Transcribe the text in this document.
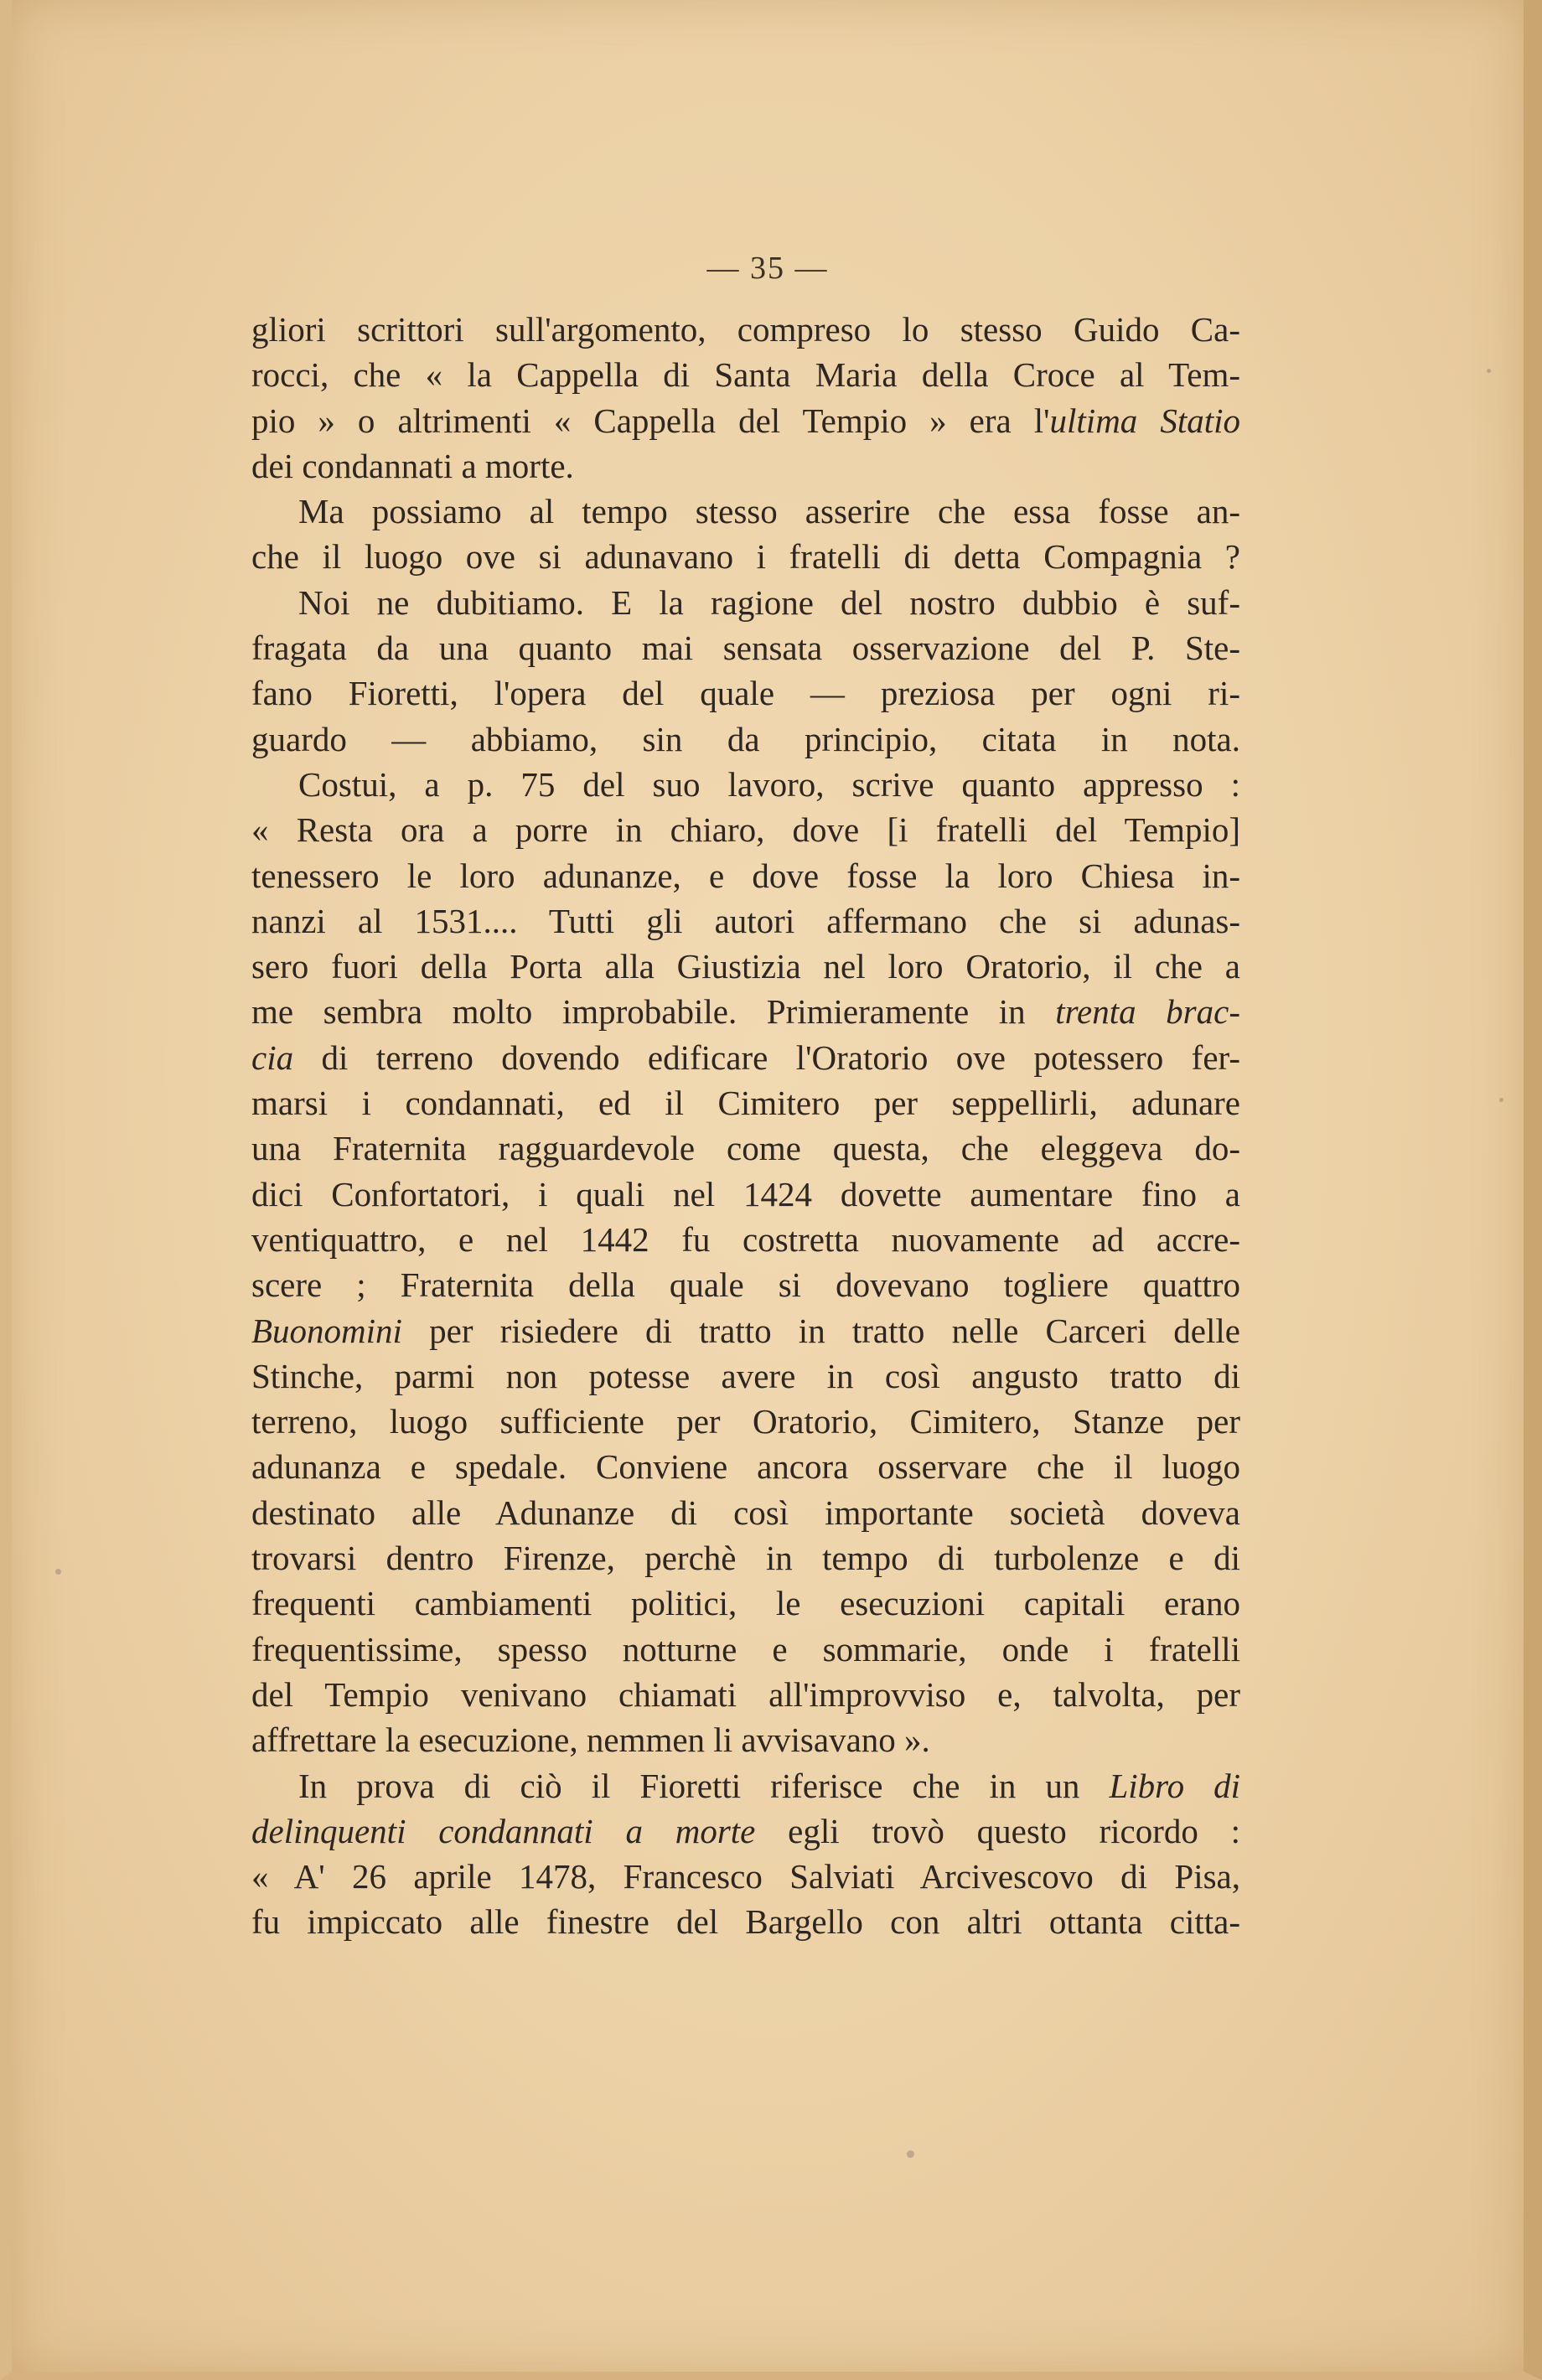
— 35 —
gliori scrittori sull'argomento, compreso lo stesso Guido Ca-
rocci, che « la Cappella di Santa Maria della Croce al Tem-
pio » o altrimenti « Cappella del Tempio » era l'ultima Statio
dei condannati a morte.
Ma possiamo al tempo stesso asserire che essa fosse an-
che il luogo ove si adunavano i fratelli di detta Compagnia ?
Noi ne dubitiamo. E la ragione del nostro dubbio è suf-
fragata da una quanto mai sensata osservazione del P. Ste-
fano Fioretti, l'opera del quale — preziosa per ogni ri-
guardo — abbiamo, sin da principio, citata in nota.
Costui, a p. 75 del suo lavoro, scrive quanto appresso :
« Resta ora a porre in chiaro, dove [i fratelli del Tempio]
tenessero le loro adunanze, e dove fosse la loro Chiesa in-
nanzi al 1531.... Tutti gli autori affermano che si adunas-
sero fuori della Porta alla Giustizia nel loro Oratorio, il che a
me sembra molto improbabile. Primieramente in trenta brac-
cia di terreno dovendo edificare l'Oratorio ove potessero fer-
marsi i condannati, ed il Cimitero per seppellirli, adunare
una Fraternita ragguardevole come questa, che eleggeva do-
dici Confortatori, i quali nel 1424 dovette aumentare fino a
ventiquattro, e nel 1442 fu costretta nuovamente ad accre-
scere ; Fraternita della quale si dovevano togliere quattro
Buonomini per risiedere di tratto in tratto nelle Carceri delle
Stinche, parmi non potesse avere in così angusto tratto di
terreno, luogo sufficiente per Oratorio, Cimitero, Stanze per
adunanza e spedale. Conviene ancora osservare che il luogo
destinato alle Adunanze di così importante società doveva
trovarsi dentro Firenze, perchè in tempo di turbolenze e di
frequenti cambiamenti politici, le esecuzioni capitali erano
frequentissime, spesso notturne e sommarie, onde i fratelli
del Tempio venivano chiamati all'improvviso e, talvolta, per
affrettare la esecuzione, nemmen li avvisavano ».
In prova di ciò il Fioretti riferisce che in un Libro di
delinquenti condannati a morte egli trovò questo ricordo :
« A' 26 aprile 1478, Francesco Salviati Arcivescovo di Pisa,
fu impiccato alle finestre del Bargello con altri ottanta citta-
